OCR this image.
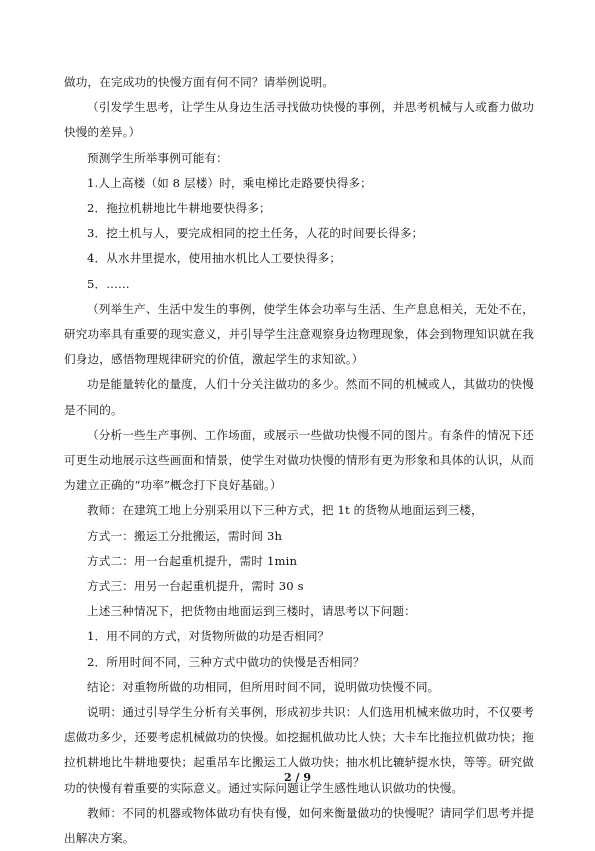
做功，在完成功的快慢方面有何不同？请举例说明。

（引发学生思考，让学生从身边生活寻找做功快慢的事例，并思考机械与人或畜力做功快慢的差异。）

预测学生所举事例可能有：

1.人上高楼（如 8 层楼）时，乘电梯比走路要快得多；

2．拖拉机耕地比牛耕地要快得多；

3．挖土机与人，要完成相同的挖土任务，人花的时间要长得多；

4．从水井里提水，使用抽水机比人工要快得多；

5．……

（列举生产、生活中发生的事例，使学生体会功率与生活、生产息息相关，无处不在，研究功率具有重要的现实意义，并引导学生注意观察身边物理现象，体会到物理知识就在我们身边，感悟物理规律研究的价值，激起学生的求知欲。）

功是能量转化的量度，人们十分关注做功的多少。然而不同的机械或人，其做功的快慢是不同的。

（分析一些生产事例、工作场面，或展示一些做功快慢不同的图片。有条件的情况下还可更生动地展示这些画面和情景，使学生对做功快慢的情形有更为形象和具体的认识，从而为建立正确的“功率”概念打下良好基础。）

教师：在建筑工地上分别采用以下三种方式，把 1t 的货物从地面运到三楼，

方式一：搬运工分批搬运，需时间 3h

方式二：用一台起重机提升，需时 1min

方式三：用另一台起重机提升，需时 30 s

上述三种情况下，把货物由地面运到三楼时，请思考以下问题：

1．用不同的方式，对货物所做的功是否相同？

2．所用时间不同，三种方式中做功的快慢是否相同？

结论：对重物所做的功相同，但所用时间不同，说明做功快慢不同。

说明：通过引导学生分析有关事例，形成初步共识：人们选用机械来做功时，不仅要考虑做功多少，还要考虑机械做功的快慢。如挖掘机做功比人快；大卡车比拖拉机做功快；拖拉机耕地比牛耕地要快；起重吊车比搬运工人做功快；抽水机比辘轳提水快，等等。研究做功的快慢有着重要的实际意义。通过实际问题让学生感性地认识做功的快慢。

教师：不同的机器或物体做功有快有慢，如何来衡量做功的快慢呢？请同学们思考并提出解决方案。

2 / 9
